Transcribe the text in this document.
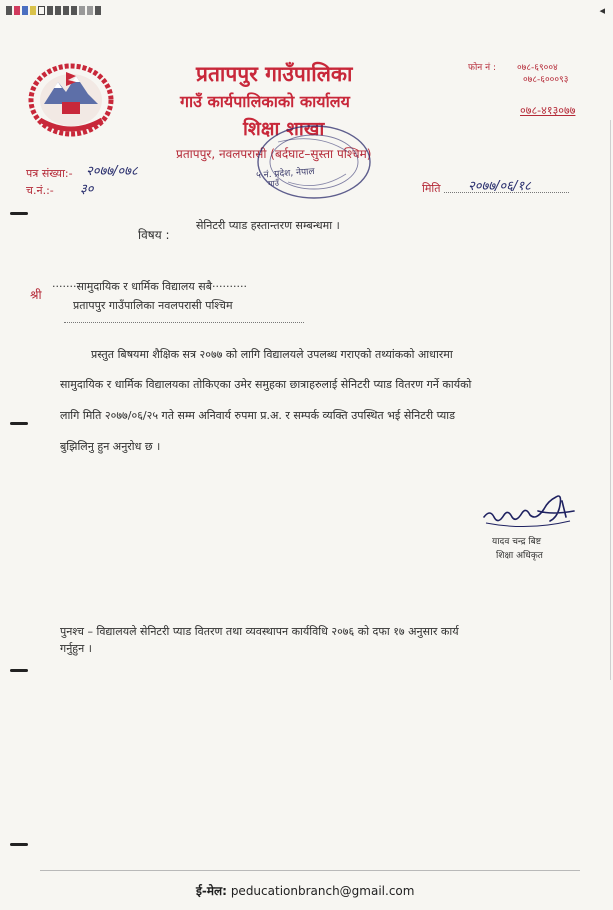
◂
प्रतापपुर गाउँपालिका
गाउँ कार्यपालिकाको कार्यालय
शिक्षा शाखा
प्रतापपुर, नवलपरासी (बर्दघाट–सुस्ता पश्चिम)
फोन नं : ०७८-६९००४
०७८-६०००९३
०७८-४१३०७७
५ नं. प्रदेश, नेपाल
गाउँ
पत्र संख्या:- २०७७/०७८
च.नं.:- ३०	मिति २०७७/०६/१८
विषय :
सेनिटरी प्याड हस्तान्तरण सम्बन्धमा ।
श्री
·······सामुदायिक र धार्मिक विद्यालय सबै··········
प्रतापपुर गाउँपालिका नवलपरासी पश्चिम
प्रस्तुत बिषयमा शैक्षिक सत्र २०७७ को लागि विद्यालयले उपलब्ध गराएको तथ्यांकको आधारमा
सामुदायिक र धार्मिक विद्यालयका तोकिएका उमेर समुहका छात्राहरुलाई सेनिटरी प्याड वितरण गर्ने कार्यको
लागि मिति २०७७/०६/२५ गते सम्म अनिवार्य रुपमा प्र.अ. र सम्पर्क व्यक्ति उपस्थित भई सेनिटरी प्याड
बुझिलिनु हुन अनुरोध छ ।
यादव चन्द्र बिष्ट
शिक्षा अधिकृत
पुनश्च – विद्यालयले सेनिटरी प्याड वितरण तथा व्यवस्थापन कार्यविधि २०७६ को दफा १७ अनुसार कार्य
गर्नुहुन ।
ई-मेल: peducationbranch@gmail.com
